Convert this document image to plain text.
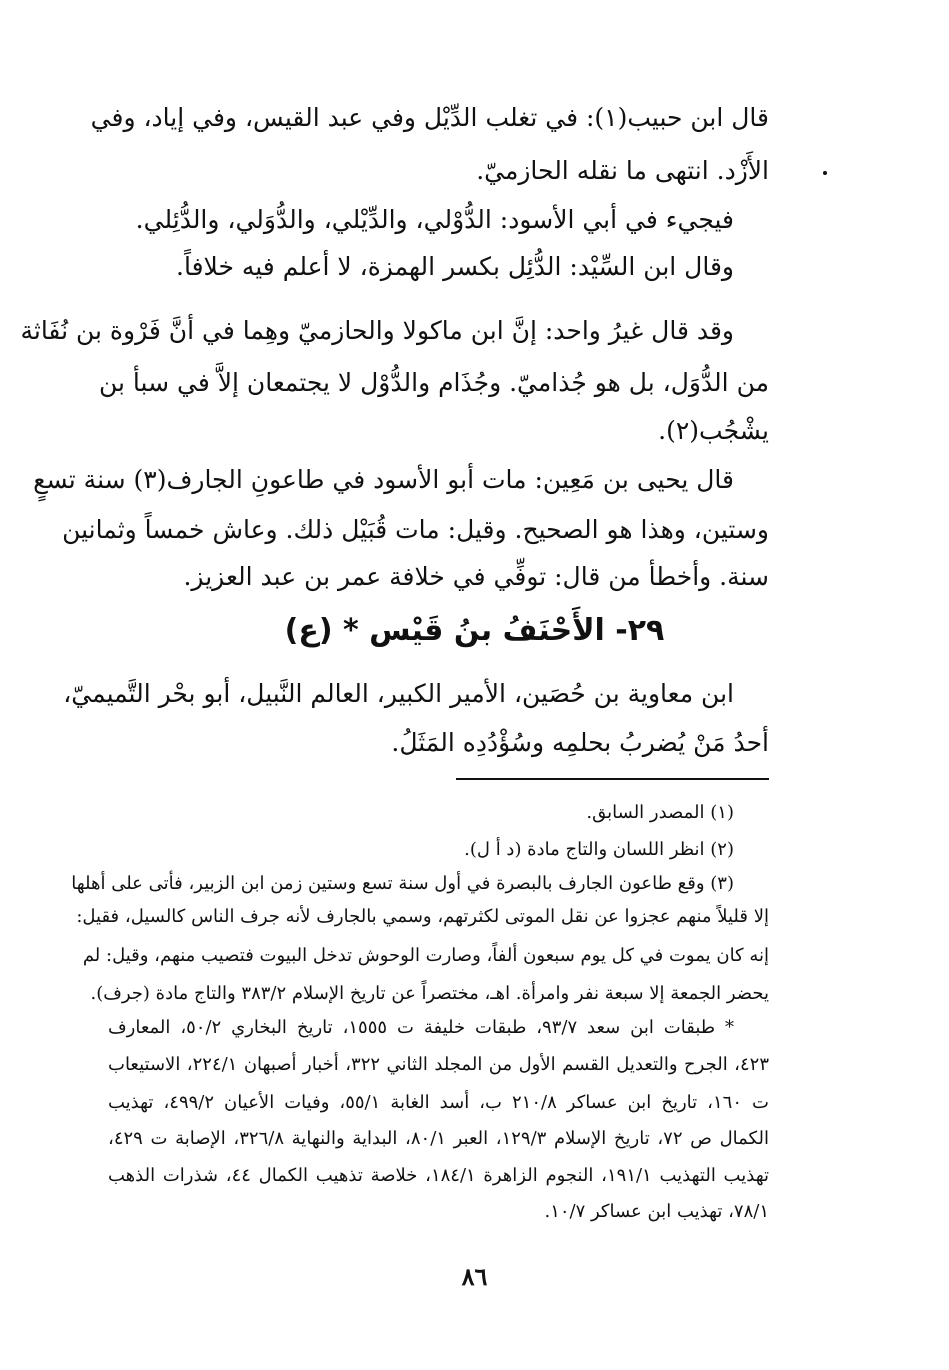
قال ابن حبيب(١): في تغلب الدِّيْل وفي عبد القيس، وفي إياد، وفي
الأَزْد. انتهى ما نقله الحازميّ.
فيجيء في أبي الأسود: الدُّوْلي، والدِّيْلي، والدُّوَلي، والدُّئِلي.
وقال ابن السِّيْد: الدُّئِل بكسر الهمزة، لا أعلم فيه خلافاً.
وقد قال غيرُ واحد: إنَّ ابن ماكولا والحازميّ وهِما في أنَّ فَرْوة بن نُفَاثة
من الدُّوَل، بل هو جُذاميّ. وجُذَام والدُّوْل لا يجتمعان إلاَّ في سبأ بن
يشْجُب(٢).
قال يحيى بن مَعِين: مات أبو الأسود في طاعونِ الجارف(٣) سنة تسعٍ
وستين، وهذا هو الصحيح. وقيل: مات قُبَيْل ذلك. وعاش خمساً وثمانين
سنة. وأخطأ من قال: توفِّي في خلافة عمر بن عبد العزيز.
٢٩- الأَحْنَفُ بنُ قَيْس * (ع)
ابن معاوية بن حُصَين، الأمير الكبير، العالم النَّبيل، أبو بحْر التَّميميّ،
أحدُ مَنْ يُضربُ بحلمِه وسُؤْدُدِه المَثَلُ.
(١) المصدر السابق.
(٢) انظر اللسان والتاج مادة (د أ ل).
(٣) وقع طاعون الجارف بالبصرة في أول سنة تسع وستين زمن ابن الزبير، فأتى على أهلها
إلا قليلاً منهم عجزوا عن نقل الموتى لكثرتهم، وسمي بالجارف لأنه جرف الناس كالسيل، فقيل:
إنه كان يموت في كل يوم سبعون ألفاً، وصارت الوحوش تدخل البيوت فتصيب منهم، وقيل: لم
يحضر الجمعة إلا سبعة نفر وامرأة. اهـ، مختصراً عن تاريخ الإسلام ٣٨٣/٢ والتاج مادة (جرف).
* طبقات ابن سعد ٩٣/٧، طبقات خليفة ت ١٥٥٥، تاريخ البخاري ٥٠/٢، المعارف
٤٢٣، الجرح والتعديل القسم الأول من المجلد الثاني ٣٢٢، أخبار أصبهان ٢٢٤/١، الاستيعاب
ت ١٦٠، تاريخ ابن عساكر ٢١٠/٨ ب، أسد الغابة ٥٥/١، وفيات الأعيان ٤٩٩/٢، تهذيب
الكمال ص ٧٢، تاريخ الإسلام ١٢٩/٣، العبر ٨٠/١، البداية والنهاية ٣٢٦/٨، الإصابة ت ٤٢٩،
تهذيب التهذيب ١٩١/١، النجوم الزاهرة ١٨٤/١، خلاصة تذهيب الكمال ٤٤، شذرات الذهب
٧٨/١، تهذيب ابن عساكر ١٠/٧.
٨٦
